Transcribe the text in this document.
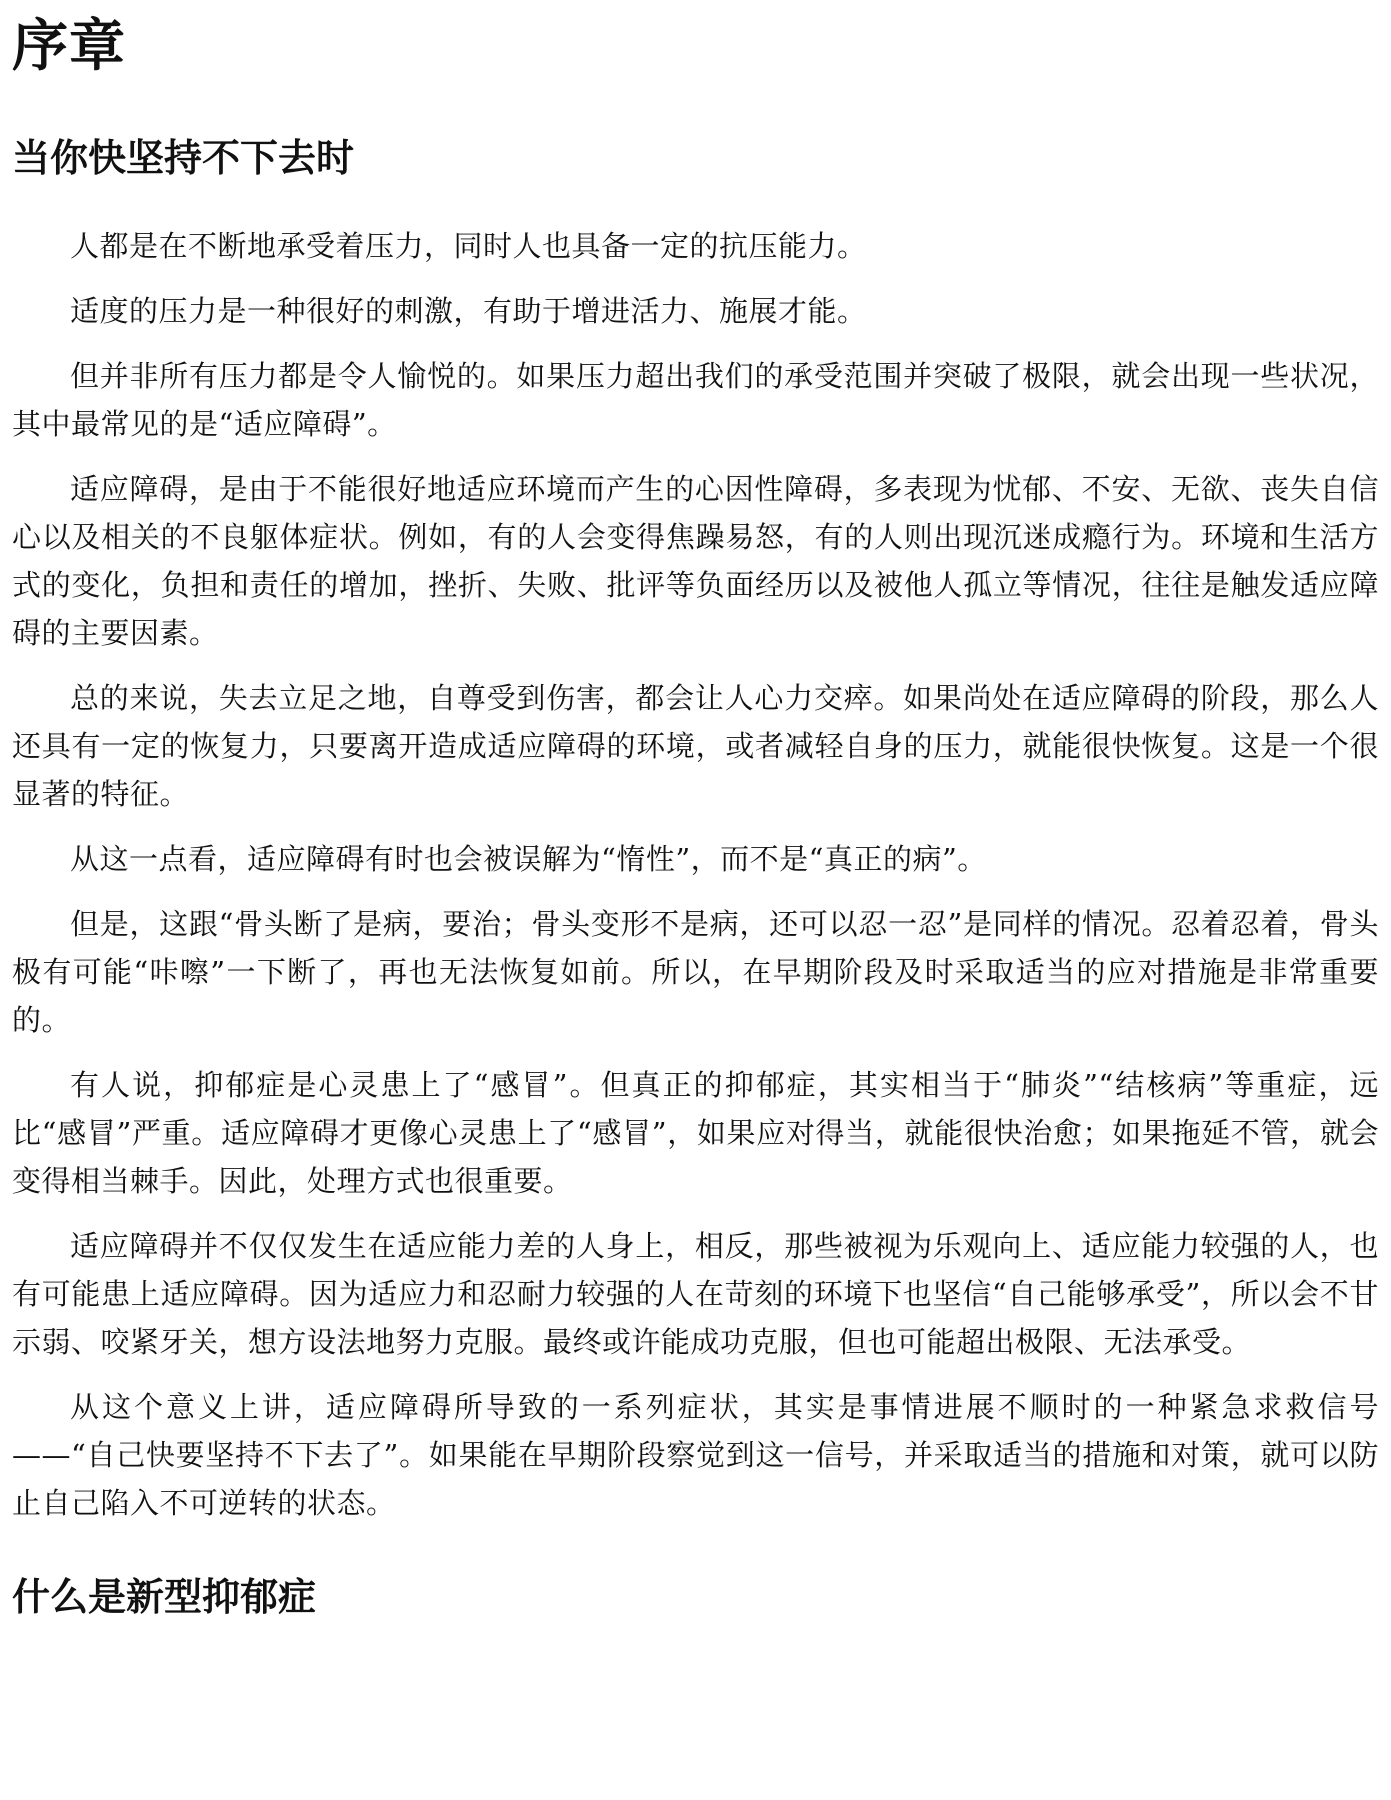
序章
当你快坚持不下去时

人都是在不断地承受着压力，同时人也具备一定的抗压能力。

适度的压力是一种很好的刺激，有助于增进活力、施展才能。

但并非所有压力都是令人愉悦的。如果压力超出我们的承受范围并突破了极限，就会出现一些状况，其中最常见的是“适应障碍”。

适应障碍，是由于不能很好地适应环境而产生的心因性障碍，多表现为忧郁、不安、无欲、丧失自信心以及相关的不良躯体症状。例如，有的人会变得焦躁易怒，有的人则出现沉迷成瘾行为。环境和生活方式的变化，负担和责任的增加，挫折、失败、批评等负面经历以及被他人孤立等情况，往往是触发适应障碍的主要因素。

总的来说，失去立足之地，自尊受到伤害，都会让人心力交瘁。如果尚处在适应障碍的阶段，那么人还具有一定的恢复力，只要离开造成适应障碍的环境，或者减轻自身的压力，就能很快恢复。这是一个很显著的特征。

从这一点看，适应障碍有时也会被误解为“惰性”，而不是“真正的病”。

但是，这跟“骨头断了是病，要治；骨头变形不是病，还可以忍一忍”是同样的情况。忍着忍着，骨头极有可能“咔嚓”一下断了，再也无法恢复如前。所以，在早期阶段及时采取适当的应对措施是非常重要的。

有人说，抑郁症是心灵患上了“感冒”。但真正的抑郁症，其实相当于“肺炎”“结核病”等重症，远比“感冒”严重。适应障碍才更像心灵患上了“感冒”，如果应对得当，就能很快治愈；如果拖延不管，就会变得相当棘手。因此，处理方式也很重要。

适应障碍并不仅仅发生在适应能力差的人身上，相反，那些被视为乐观向上、适应能力较强的人，也有可能患上适应障碍。因为适应力和忍耐力较强的人在苛刻的环境下也坚信“自己能够承受”，所以会不甘示弱、咬紧牙关，想方设法地努力克服。最终或许能成功克服，但也可能超出极限、无法承受。

从这个意义上讲，适应障碍所导致的一系列症状，其实是事情进展不顺时的一种紧急求救信号——“自己快要坚持不下去了”。如果能在早期阶段察觉到这一信号，并采取适当的措施和对策，就可以防止自己陷入不可逆转的状态。

什么是新型抑郁症
